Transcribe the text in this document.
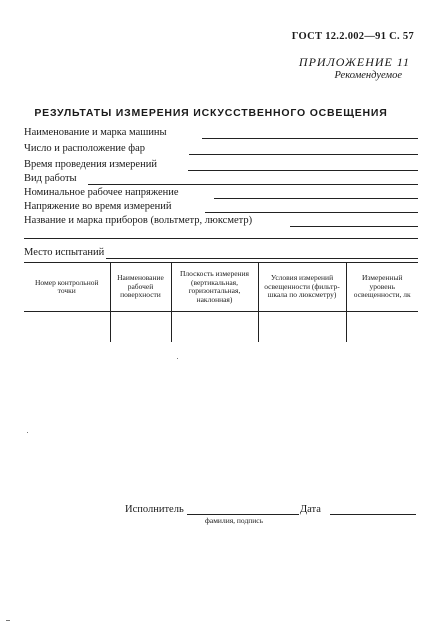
ГОСТ 12.2.002—91 С. 57
ПРИЛОЖЕНИЕ 11
Рекомендуемое
РЕЗУЛЬТАТЫ ИЗМЕРЕНИЯ ИСКУССТВЕННОГО ОСВЕЩЕНИЯ
Наименование и марка машины
Число и расположение фар
Время проведения измерений
Вид работы
Номинальное рабочее напряжение
Напряжение во время измерений
Название и марка приборов (вольтметр, люксметр)
Место испытаний
Номер контрольной точки	Наименование рабочей поверхности	Плоскость измерения (вертикальная, горизонтальная, наклонная)	Условия измерений освещенности (фильтр-шкала по люксметру)	Измеренный уровень освещенности, лк

Исполнитель	Дата
фамилия, подпись
